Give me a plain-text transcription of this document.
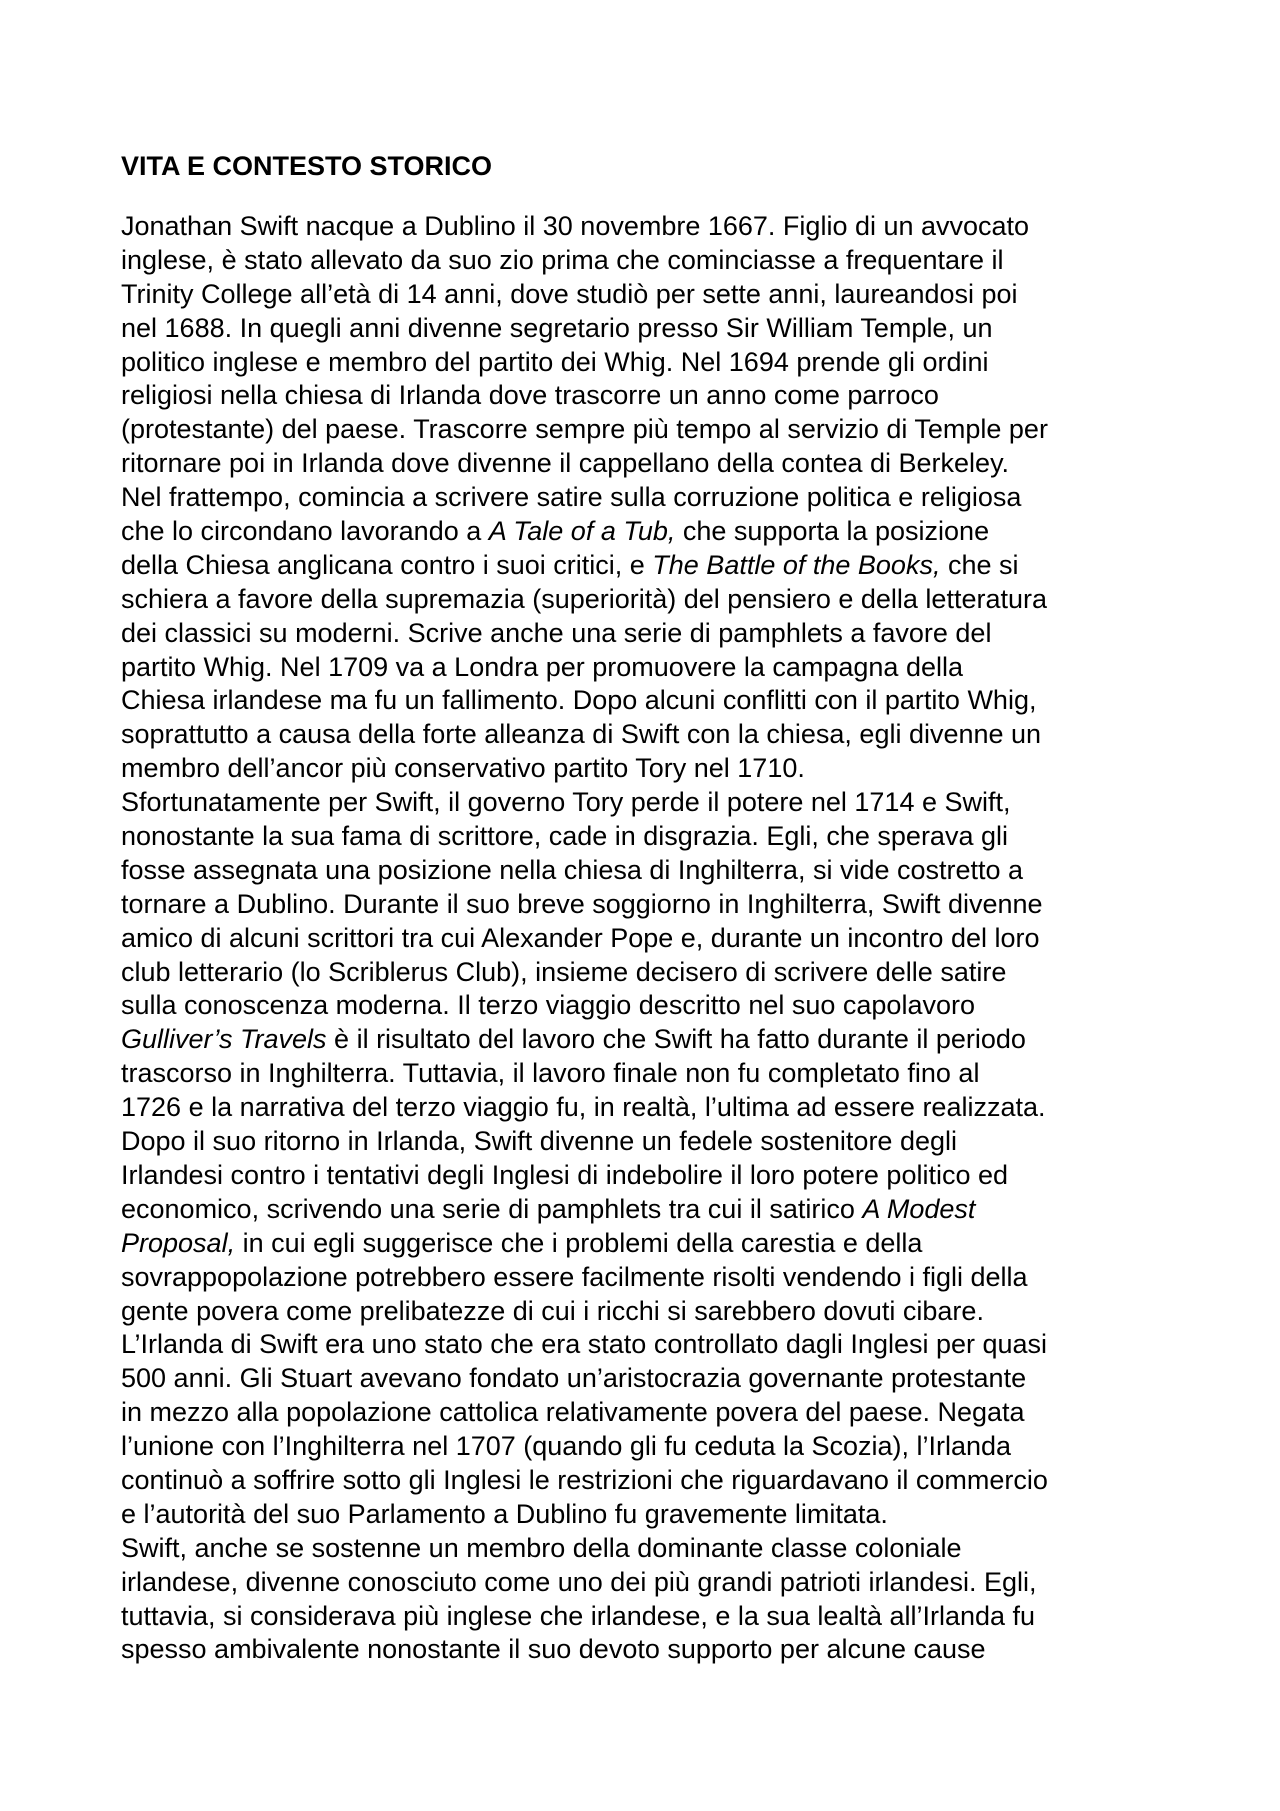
VITA E CONTESTO STORICO
Jonathan Swift nacque a Dublino il 30 novembre 1667. Figlio di un avvocato
inglese, è stato allevato da suo zio prima che cominciasse a frequentare il
Trinity College all’età di 14 anni, dove studiò per sette anni, laureandosi poi
nel 1688. In quegli anni divenne segretario presso Sir William Temple, un
politico inglese e membro del partito dei Whig. Nel 1694 prende gli ordini
religiosi nella chiesa di Irlanda dove trascorre un anno come parroco
(protestante) del paese. Trascorre sempre più tempo al servizio di Temple per
ritornare poi in Irlanda dove divenne il cappellano della contea di Berkeley.
Nel frattempo, comincia a scrivere satire sulla corruzione politica e religiosa
che lo circondano lavorando a A Tale of a Tub, che supporta la posizione
della Chiesa anglicana contro i suoi critici, e The Battle of the Books, che si
schiera a favore della supremazia (superiorità) del pensiero e della letteratura
dei classici su moderni. Scrive anche una serie di pamphlets a favore del
partito Whig. Nel 1709 va a Londra per promuovere la campagna della
Chiesa irlandese ma fu un fallimento. Dopo alcuni conflitti con il partito Whig,
soprattutto a causa della forte alleanza di Swift con la chiesa, egli divenne un
membro dell’ancor più conservativo partito Tory nel 1710.
Sfortunatamente per Swift, il governo Tory perde il potere nel 1714 e Swift,
nonostante la sua fama di scrittore, cade in disgrazia. Egli, che sperava gli
fosse assegnata una posizione nella chiesa di Inghilterra, si vide costretto a
tornare a Dublino. Durante il suo breve soggiorno in Inghilterra, Swift divenne
amico di alcuni scrittori tra cui Alexander Pope e, durante un incontro del loro
club letterario (lo Scriblerus Club), insieme decisero di scrivere delle satire
sulla conoscenza moderna. Il terzo viaggio descritto nel suo capolavoro
Gulliver’s Travels è il risultato del lavoro che Swift ha fatto durante il periodo
trascorso in Inghilterra. Tuttavia, il lavoro finale non fu completato fino al
1726 e la narrativa del terzo viaggio fu, in realtà, l’ultima ad essere realizzata.
Dopo il suo ritorno in Irlanda, Swift divenne un fedele sostenitore degli
Irlandesi contro i tentativi degli Inglesi di indebolire il loro potere politico ed
economico, scrivendo una serie di pamphlets tra cui il satirico A Modest
Proposal, in cui egli suggerisce che i problemi della carestia e della
sovrappopolazione potrebbero essere facilmente risolti vendendo i figli della
gente povera come prelibatezze di cui i ricchi si sarebbero dovuti cibare.
L’Irlanda di Swift era uno stato che era stato controllato dagli Inglesi per quasi
500 anni. Gli Stuart avevano fondato un’aristocrazia governante protestante
in mezzo alla popolazione cattolica relativamente povera del paese. Negata
l’unione con l’Inghilterra nel 1707 (quando gli fu ceduta la Scozia), l’Irlanda
continuò a soffrire sotto gli Inglesi le restrizioni che riguardavano il commercio
e l’autorità del suo Parlamento a Dublino fu gravemente limitata.
Swift, anche se sostenne un membro della dominante classe coloniale
irlandese, divenne conosciuto come uno dei più grandi patrioti irlandesi. Egli,
tuttavia, si considerava più inglese che irlandese, e la sua lealtà all’Irlanda fu
spesso ambivalente nonostante il suo devoto supporto per alcune cause
